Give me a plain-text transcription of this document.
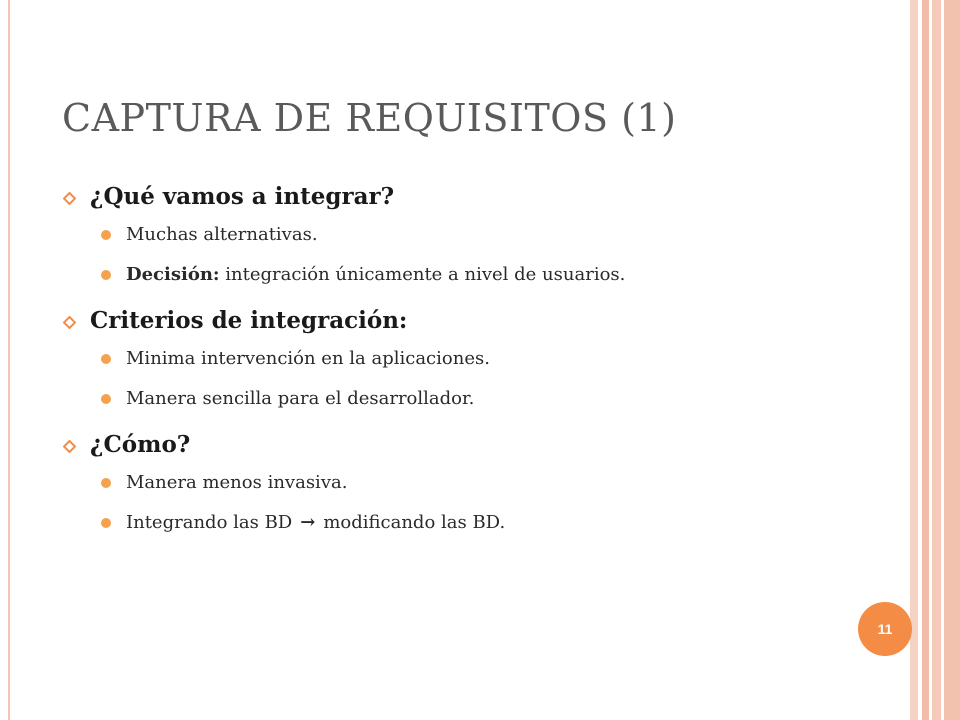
CAPTURA DE REQUISITOS (1)
¿Qué vamos a integrar?
Muchas alternativas.
Decisión: integración únicamente a nivel de usuarios.
Criterios de integración:
Minima intervención en la aplicaciones.
Manera sencilla para el desarrollador.
¿Cómo?
Manera menos invasiva.
Integrando las BD → modificando las BD.
11
